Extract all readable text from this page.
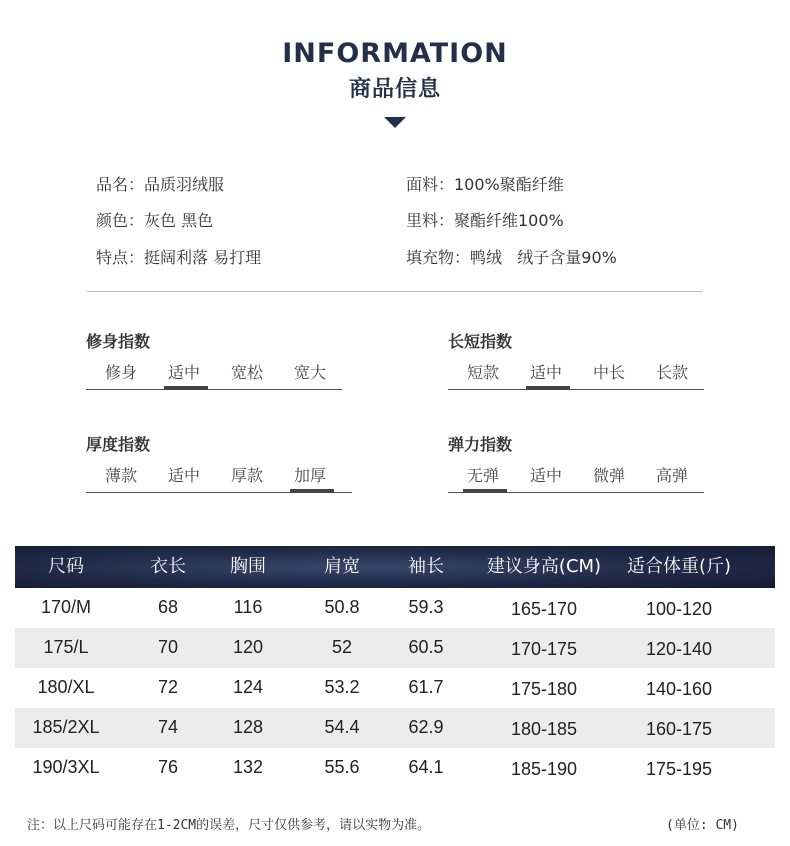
INFORMATION
商品信息
品名：品质羽绒服
颜色：灰色 黑色
特点：挺阔利落 易打理
面料：100%聚酯纤维
里料：聚酯纤维100%
填充物：鸭绒   绒子含量90%
修身指数
修身	适中	宽松	宽大
长短指数
短款	适中	中长	长款
厚度指数
薄款	适中	厚款	加厚
弹力指数
无弹	适中	微弹	高弹
尺码	衣长	胸围	肩宽	袖长	建议身高(CM)	适合体重(斤)
170/M	68	116	50.8	59.3	165-170	100-120
175/L	70	120	52	60.5	170-175	120-140
180/XL	72	124	53.2	61.7	175-180	140-160
185/2XL	74	128	54.4	62.9	180-185	160-175
190/3XL	76	132	55.6	64.1	185-190	175-195
注：以上尺码可能存在1-2CM的误差，尺寸仅供参考，请以实物为准。	(单位: CM)
